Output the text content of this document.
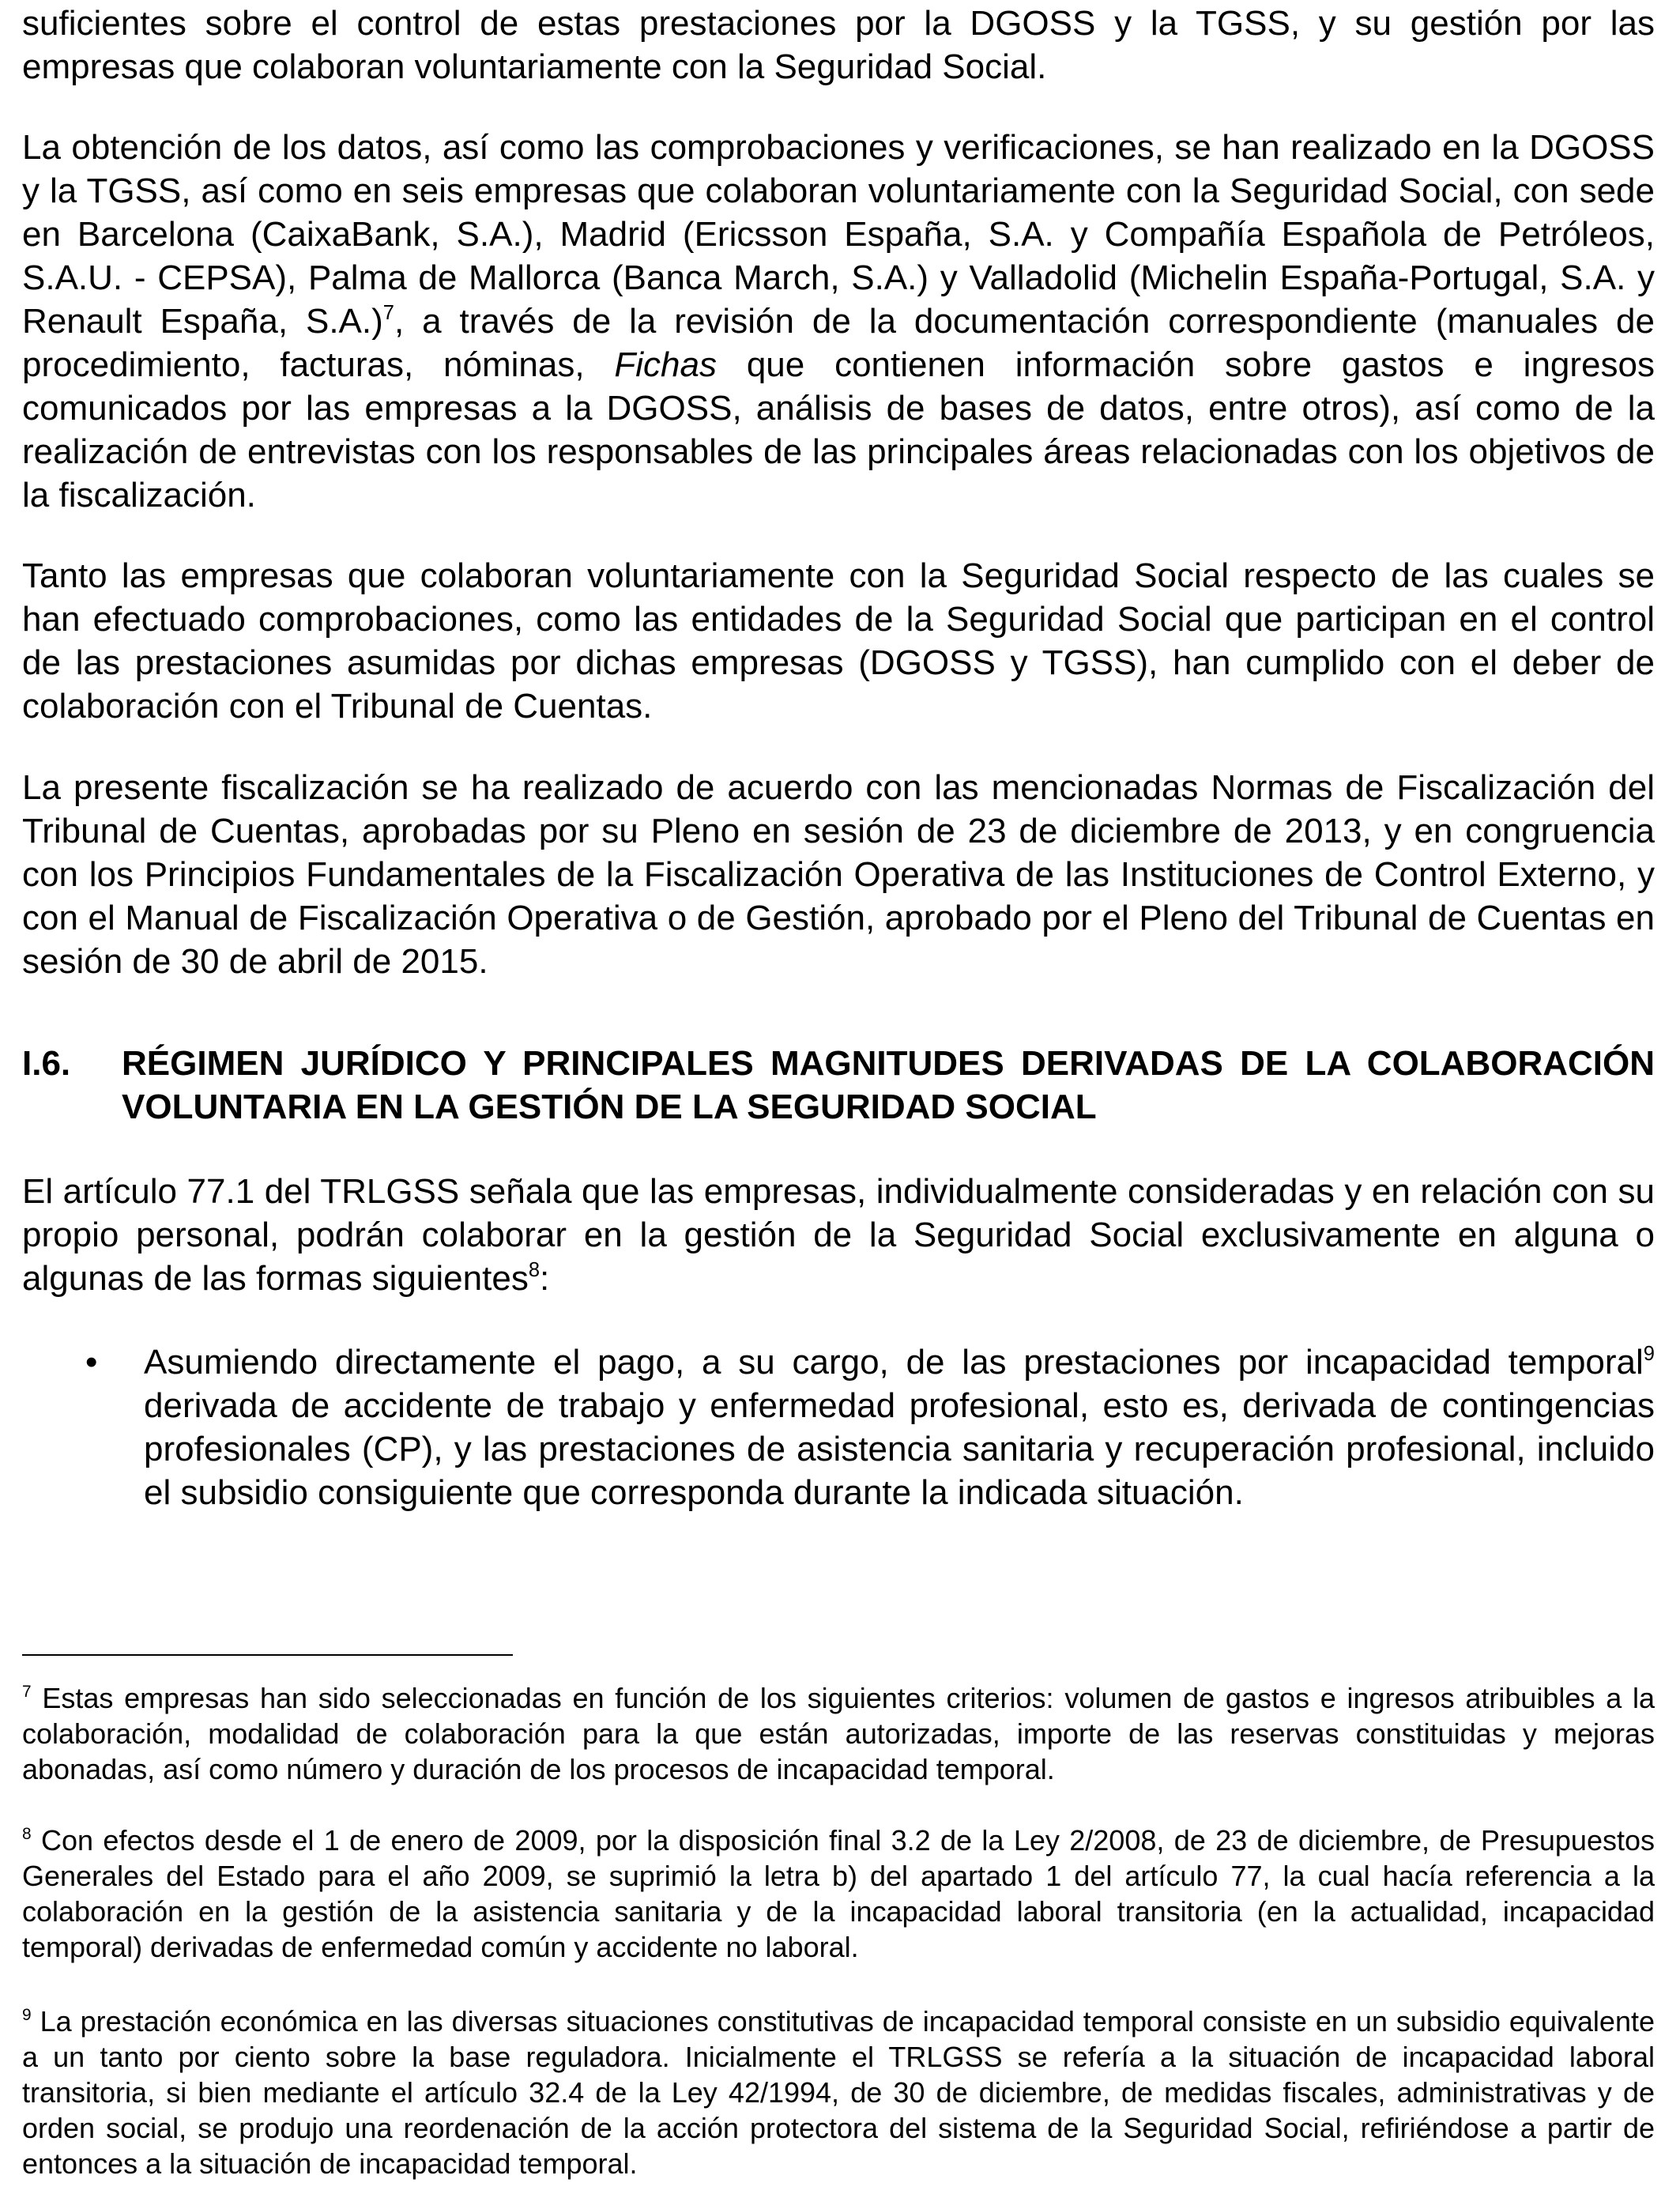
suficientes sobre el control de estas prestaciones por la DGOSS y la TGSS, y su gestión por las empresas que colaboran voluntariamente con la Seguridad Social.

La obtención de los datos, así como las comprobaciones y verificaciones, se han realizado en la DGOSS y la TGSS, así como en seis empresas que colaboran voluntariamente con la Seguridad Social, con sede en Barcelona (CaixaBank, S.A.), Madrid (Ericsson España, S.A. y Compañía Española de Petróleos, S.A.U. - CEPSA), Palma de Mallorca (Banca March, S.A.) y Valladolid (Michelin España-Portugal, S.A. y Renault España, S.A.)$^7$, a través de la revisión de la documentación correspondiente (manuales de procedimiento, facturas, nóminas, Fichas que contienen información sobre gastos e ingresos comunicados por las empresas a la DGOSS, análisis de bases de datos, entre otros), así como de la realización de entrevistas con los responsables de las principales áreas relacionadas con los objetivos de la fiscalización.

Tanto las empresas que colaboran voluntariamente con la Seguridad Social respecto de las cuales se han efectuado comprobaciones, como las entidades de la Seguridad Social que participan en el control de las prestaciones asumidas por dichas empresas (DGOSS y TGSS), han cumplido con el deber de colaboración con el Tribunal de Cuentas.

La presente fiscalización se ha realizado de acuerdo con las mencionadas Normas de Fiscalización del Tribunal de Cuentas, aprobadas por su Pleno en sesión de 23 de diciembre de 2013, y en congruencia con los Principios Fundamentales de la Fiscalización Operativa de las Instituciones de Control Externo, y con el Manual de Fiscalización Operativa o de Gestión, aprobado por el Pleno del Tribunal de Cuentas en sesión de 30 de abril de 2015.

I.6. RÉGIMEN JURÍDICO Y PRINCIPALES MAGNITUDES DERIVADAS DE LA COLABORACIÓN VOLUNTARIA EN LA GESTIÓN DE LA SEGURIDAD SOCIAL

El artículo 77.1 del TRLGSS señala que las empresas, individualmente consideradas y en relación con su propio personal, podrán colaborar en la gestión de la Seguridad Social exclusivamente en alguna o algunas de las formas siguientes$^8$:

• Asumiendo directamente el pago, a su cargo, de las prestaciones por incapacidad temporal$^9$ derivada de accidente de trabajo y enfermedad profesional, esto es, derivada de contingencias profesionales (CP), y las prestaciones de asistencia sanitaria y recuperación profesional, incluido el subsidio consiguiente que corresponda durante la indicada situación.

$^7$ Estas empresas han sido seleccionadas en función de los siguientes criterios: volumen de gastos e ingresos atribuibles a la colaboración, modalidad de colaboración para la que están autorizadas, importe de las reservas constituidas y mejoras abonadas, así como número y duración de los procesos de incapacidad temporal.

$^8$ Con efectos desde el 1 de enero de 2009, por la disposición final 3.2 de la Ley 2/2008, de 23 de diciembre, de Presupuestos Generales del Estado para el año 2009, se suprimió la letra b) del apartado 1 del artículo 77, la cual hacía referencia a la colaboración en la gestión de la asistencia sanitaria y de la incapacidad laboral transitoria (en la actualidad, incapacidad temporal) derivadas de enfermedad común y accidente no laboral.

$^9$ La prestación económica en las diversas situaciones constitutivas de incapacidad temporal consiste en un subsidio equivalente a un tanto por ciento sobre la base reguladora. Inicialmente el TRLGSS se refería a la situación de incapacidad laboral transitoria, si bien mediante el artículo 32.4 de la Ley 42/1994, de 30 de diciembre, de medidas fiscales, administrativas y de orden social, se produjo una reordenación de la acción protectora del sistema de la Seguridad Social, refiriéndose a partir de entonces a la situación de incapacidad temporal.
